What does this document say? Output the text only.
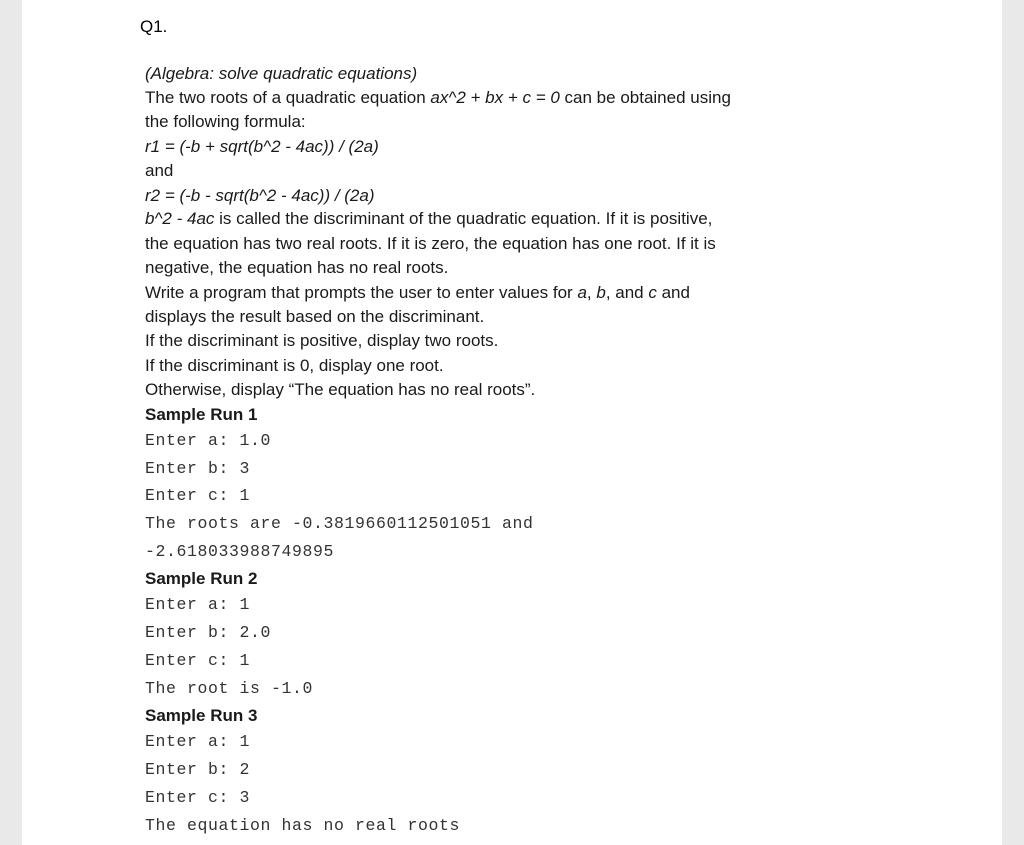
Q1.
(Algebra: solve quadratic equations)
The two roots of a quadratic equation ax^2 + bx + c = 0 can be obtained using
the following formula:
r1 = (-b + sqrt(b^2 - 4ac)) / (2a)
and
r2 = (-b - sqrt(b^2 - 4ac)) / (2a)
b^2 - 4ac is called the discriminant of the quadratic equation. If it is positive,
the equation has two real roots. If it is zero, the equation has one root. If it is
negative, the equation has no real roots.
Write a program that prompts the user to enter values for a, b, and c and
displays the result based on the discriminant.
If the discriminant is positive, display two roots.
If the discriminant is 0, display one root.
Otherwise, display “The equation has no real roots”.
Sample Run 1
Enter a: 1.0
Enter b: 3
Enter c: 1
The roots are -0.3819660112501051 and
-2.618033988749895
Sample Run 2
Enter a: 1
Enter b: 2.0
Enter c: 1
The root is -1.0
Sample Run 3
Enter a: 1
Enter b: 2
Enter c: 3
The equation has no real roots
